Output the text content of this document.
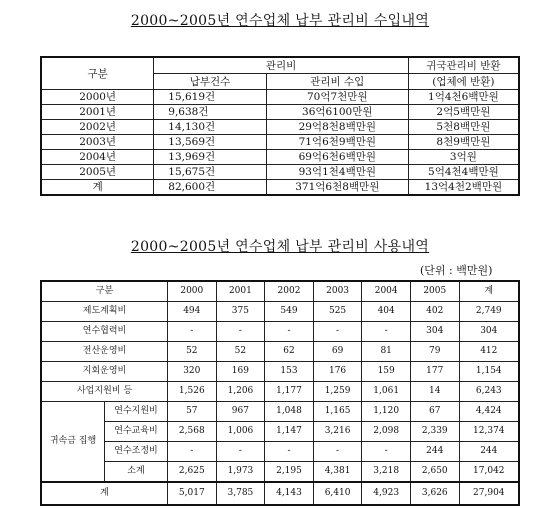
2000~2005년 연수업체 납부 관리비 수입내역
구분	관리비		귀국관리비 반환
	납부건수	관리비 수입	(업체에 반환)
2000년	15,619건	70억7천만원	1억4천6백만원
2001년	9,638건	36억6100만원	2억5백만원
2002년	14,130건	29억8천8백만원	5천8백만원
2003년	13,569건	71억6천9백만원	8천9백만원
2004년	13,969건	69억6천6백만원	3억원
2005년	15,675건	93억1천4백만원	5억4천4백만원
계	82,600건	371억6천8백만원	13억4천2백만원
2000~2005년 연수업체 납부 관리비 사용내역
(단위 : 백만원)
구분		2000	2001	2002	2003	2004	2005	계
제도계획비		494	375	549	525	404	402	2,749
연수협력비		-	-	-	-	-	304	304
전산운영비		52	52	62	69	81	79	412
지회운영비		320	169	153	176	159	177	1,154
사업지원비 등		1,526	1,206	1,177	1,259	1,061	14	6,243
귀속금 집행	연수지원비	57	967	1,048	1,165	1,120	67	4,424
	연수교육비	2,568	1,006	1,147	3,216	2,098	2,339	12,374
	연수조정비	-	-	-	-	-	244	244
	소계	2,625	1,973	2,195	4,381	3,218	2,650	17,042
계		5,017	3,785	4,143	6,410	4,923	3,626	27,904
